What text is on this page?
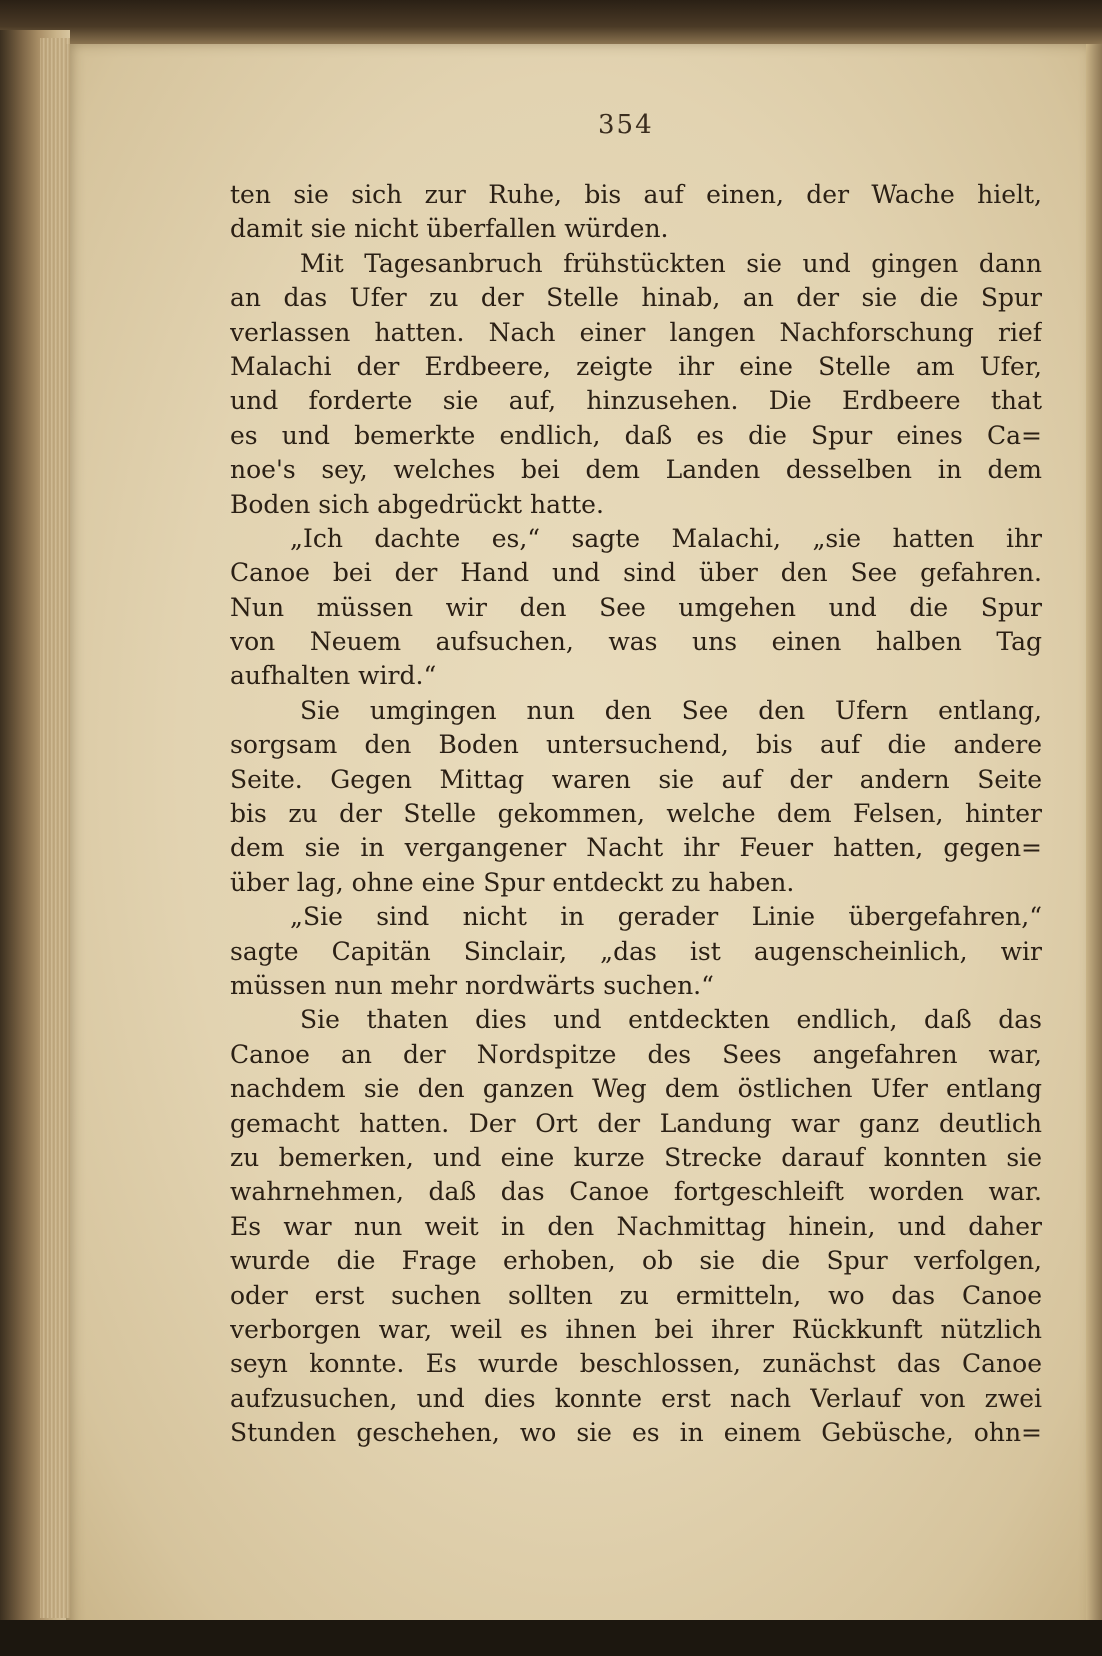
354
ten sie sich zur Ruhe, bis auf einen, der Wache hielt,
damit sie nicht überfallen würden.
Mit Tagesanbruch frühstückten sie und gingen dann
an das Ufer zu der Stelle hinab, an der sie die Spur
verlassen hatten. Nach einer langen Nachforschung rief
Malachi der Erdbeere, zeigte ihr eine Stelle am Ufer,
und forderte sie auf, hinzusehen. Die Erdbeere that
es und bemerkte endlich, daß es die Spur eines Ca=
noe's sey, welches bei dem Landen desselben in dem
Boden sich abgedrückt hatte.
„Ich dachte es,“ sagte Malachi, „sie hatten ihr
Canoe bei der Hand und sind über den See gefahren.
Nun müssen wir den See umgehen und die Spur
von Neuem aufsuchen, was uns einen halben Tag
aufhalten wird.“
Sie umgingen nun den See den Ufern entlang,
sorgsam den Boden untersuchend, bis auf die andere
Seite. Gegen Mittag waren sie auf der andern Seite
bis zu der Stelle gekommen, welche dem Felsen, hinter
dem sie in vergangener Nacht ihr Feuer hatten, gegen=
über lag, ohne eine Spur entdeckt zu haben.
„Sie sind nicht in gerader Linie übergefahren,“
sagte Capitän Sinclair, „das ist augenscheinlich, wir
müssen nun mehr nordwärts suchen.“
Sie thaten dies und entdeckten endlich, daß das
Canoe an der Nordspitze des Sees angefahren war,
nachdem sie den ganzen Weg dem östlichen Ufer entlang
gemacht hatten. Der Ort der Landung war ganz deutlich
zu bemerken, und eine kurze Strecke darauf konnten sie
wahrnehmen, daß das Canoe fortgeschleift worden war.
Es war nun weit in den Nachmittag hinein, und daher
wurde die Frage erhoben, ob sie die Spur verfolgen,
oder erst suchen sollten zu ermitteln, wo das Canoe
verborgen war, weil es ihnen bei ihrer Rückkunft nützlich
seyn konnte. Es wurde beschlossen, zunächst das Canoe
aufzusuchen, und dies konnte erst nach Verlauf von zwei
Stunden geschehen, wo sie es in einem Gebüsche, ohn=
